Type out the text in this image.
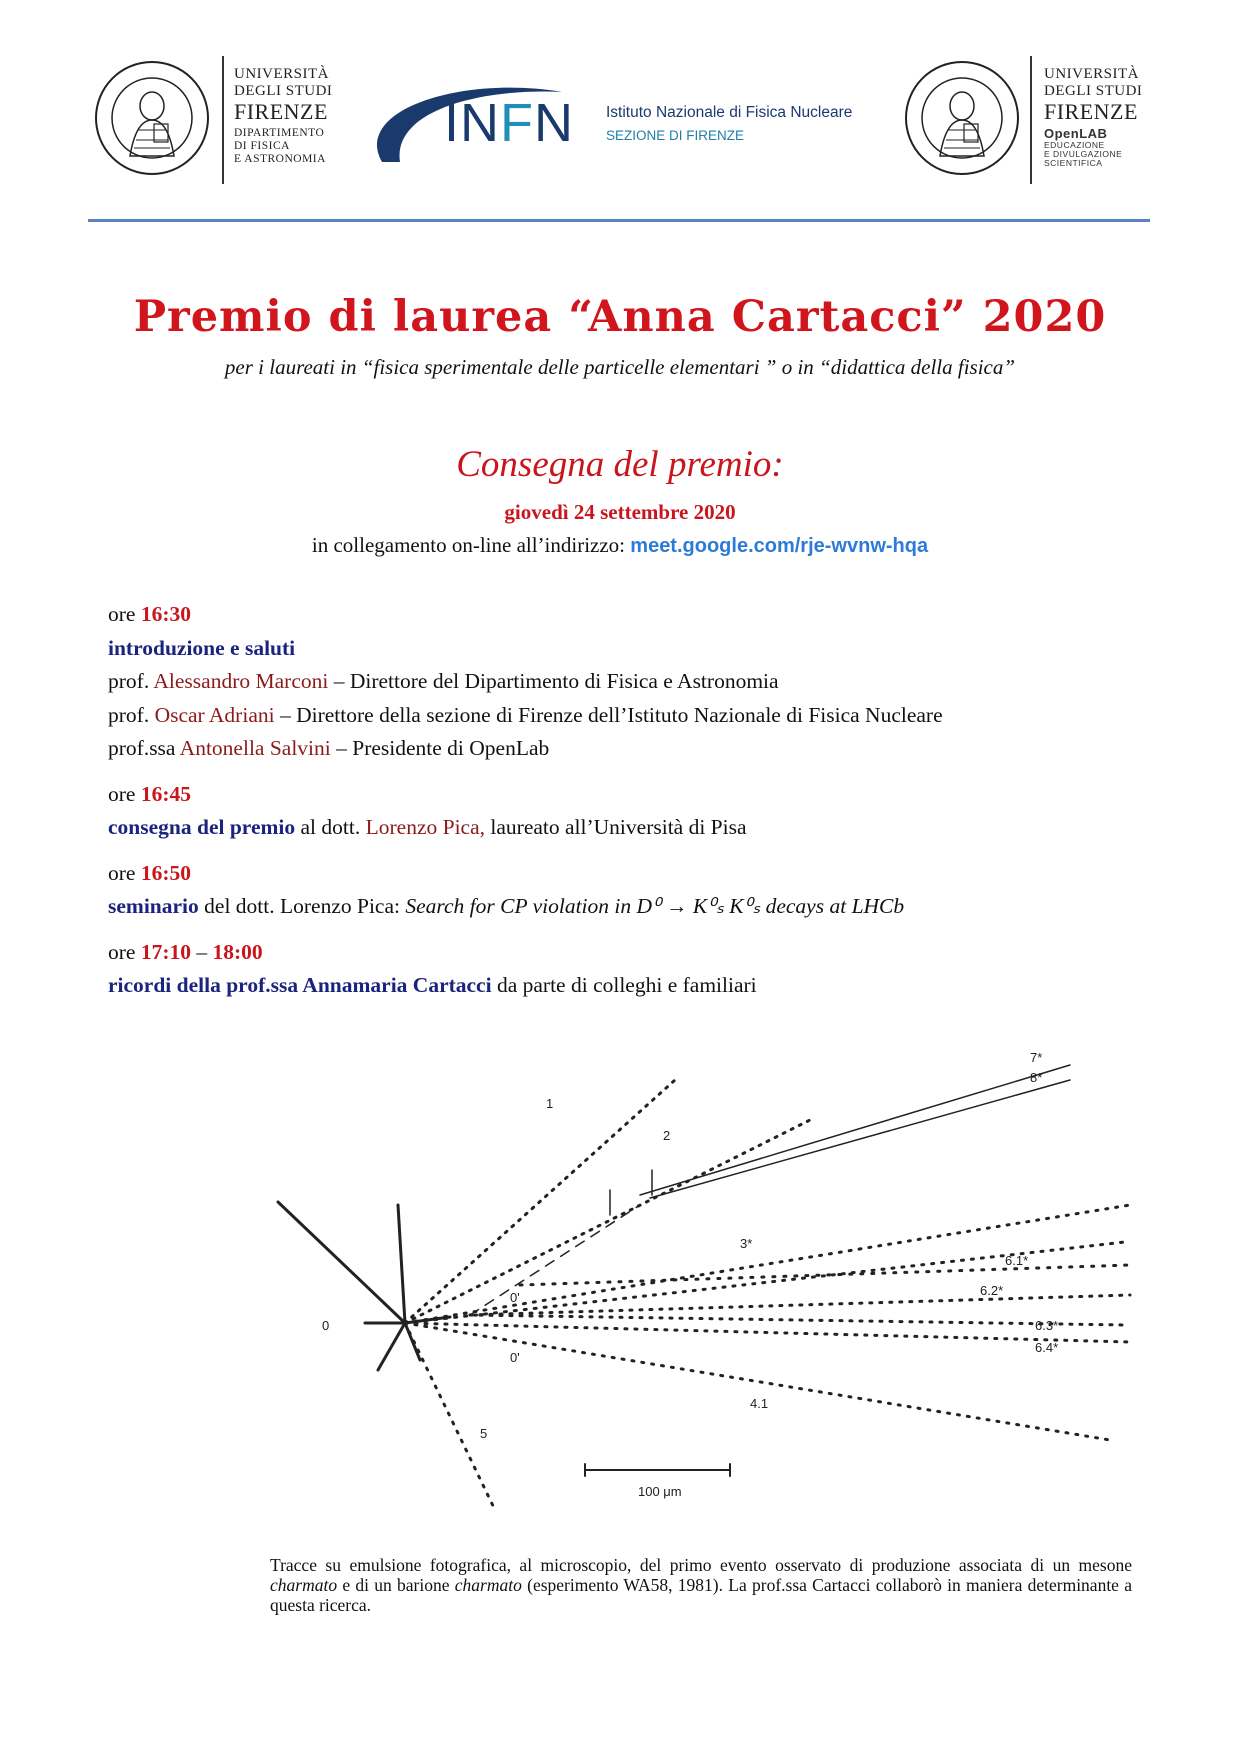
UNIVERSITÀ
DEGLI STUDI
FIRENZE
DIPARTIMENTO
DI FISICA
E ASTRONOMIA
INFN Istituto Nazionale di Fisica Nucleare
SEZIONE DI FIRENZE
UNIVERSITÀ
DEGLI STUDI
FIRENZE
OpenLAB
EDUCAZIONE
E DIVULGAZIONE
SCIENTIFICA
Premio di laurea “Anna Cartacci” 2020
per i laureati in “fisica sperimentale delle particelle elementari ” o in “didattica della fisica”
Consegna del premio:
giovedì 24 settembre 2020
in collegamento on-line all’indirizzo: meet.google.com/rje-wvnw-hqa

ore 16:30

introduzione e saluti

prof. Alessandro Marconi – Direttore del Dipartimento di Fisica e Astronomia

prof. Oscar Adriani – Direttore della sezione di Firenze dell’Istituto Nazionale di Fisica Nucleare

prof.ssa Antonella Salvini – Presidente di OpenLab

ore 16:45

consegna del premio al dott. Lorenzo Pica, laureato all’Università di Pisa

ore 16:50

seminario del dott. Lorenzo Pica: Search for CP violation in D⁰ → K⁰ₛ K⁰ₛ decays at LHCb

ore 17:10 – 18:00

ricordi della prof.ssa Annamaria Cartacci da parte di colleghi e familiari

1
2
7*
8*
3*
6.1*
6.2*
6.3*
6.4*
0
0'
0'
5
4.1
100 μm
Tracce su emulsione fotografica, al microscopio, del primo evento osservato di produzione associata di un mesone charmato e di un barione charmato (esperimento WA58, 1981). La prof.ssa Cartacci collaborò in maniera determinante a questa ricerca.
